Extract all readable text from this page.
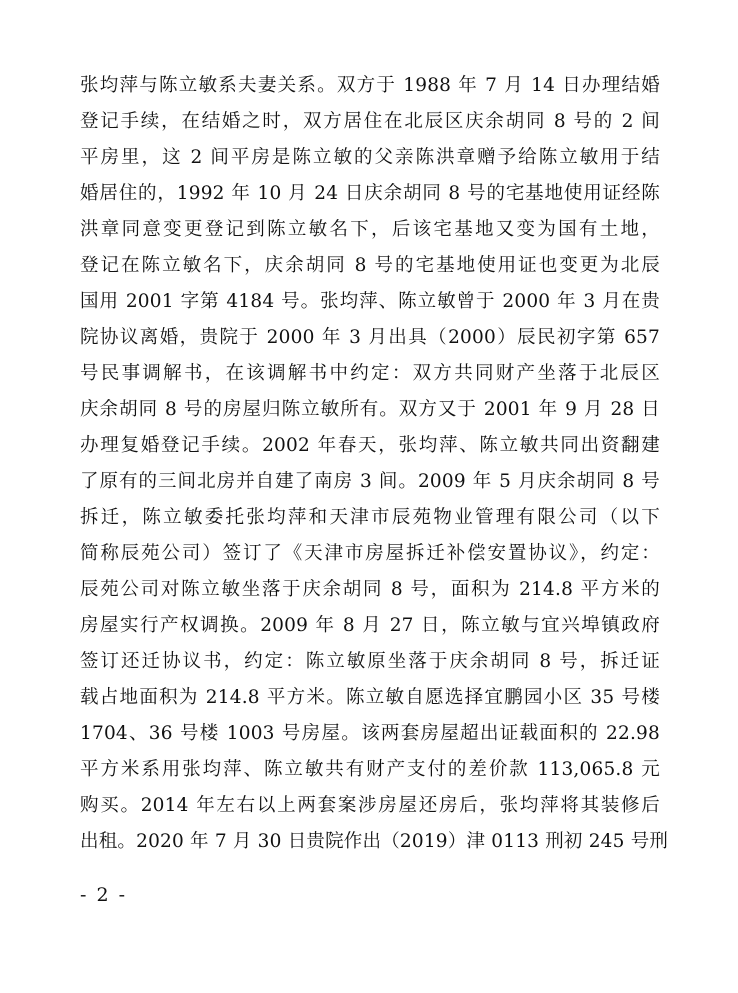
张均萍与陈立敏系夫妻关系。双方于 1988 年 7 月 14 日办理结婚
登记手续，在结婚之时，双方居住在北辰区庆余胡同 8 号的 2 间
平房里，这 2 间平房是陈立敏的父亲陈洪章赠予给陈立敏用于结
婚居住的，1992 年 10 月 24 日庆余胡同 8 号的宅基地使用证经陈
洪章同意变更登记到陈立敏名下，后该宅基地又变为国有土地，
登记在陈立敏名下，庆余胡同 8 号的宅基地使用证也变更为北辰
国用 2001 字第 4184 号。张均萍、陈立敏曾于 2000 年 3 月在贵
院协议离婚，贵院于 2000 年 3 月出具（2000）辰民初字第 657
号民事调解书，在该调解书中约定：双方共同财产坐落于北辰区
庆余胡同 8 号的房屋归陈立敏所有。双方又于 2001 年 9 月 28 日
办理复婚登记手续。2002 年春天，张均萍、陈立敏共同出资翻建
了原有的三间北房并自建了南房 3 间。2009 年 5 月庆余胡同 8 号
拆迁，陈立敏委托张均萍和天津市辰苑物业管理有限公司（以下
简称辰苑公司）签订了《天津市房屋拆迁补偿安置协议》，约定：
辰苑公司对陈立敏坐落于庆余胡同 8 号，面积为 214.8 平方米的
房屋实行产权调换。2009 年 8 月 27 日，陈立敏与宜兴埠镇政府
签订还迁协议书，约定：陈立敏原坐落于庆余胡同 8 号，拆迁证
载占地面积为 214.8 平方米。陈立敏自愿选择宜鹏园小区 35 号楼
1704、36 号楼 1003 号房屋。该两套房屋超出证载面积的 22.98
平方米系用张均萍、陈立敏共有财产支付的差价款 113,065.8 元
购买。2014 年左右以上两套案涉房屋还房后，张均萍将其装修后
出租。2020 年 7 月 30 日贵院作出（2019）津 0113 刑初 245 号刑
- 2 -
